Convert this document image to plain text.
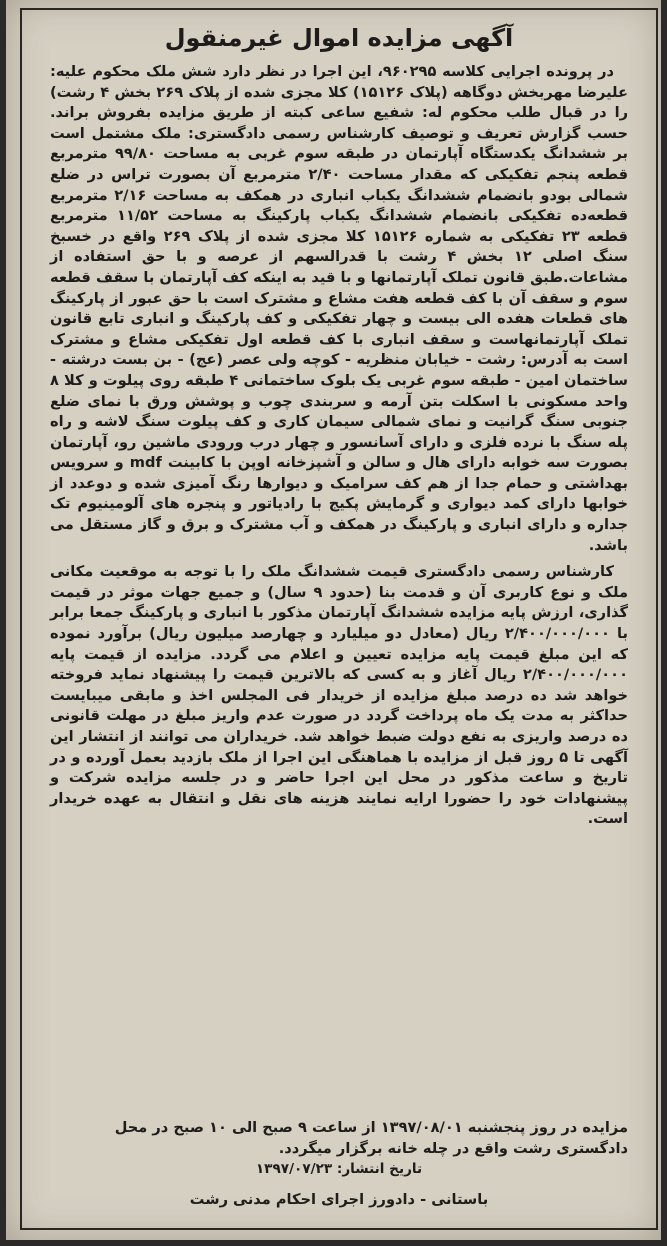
آگهی مزایده اموال غیرمنقول

در پرونده اجرایی کلاسه ۹۶۰۲۹۵، این اجرا در نظر دارد شش ملک محکوم علیه: علیرضا مهربخش دوگاهه (پلاک ۱۵۱۲۶) کلا مجزی شده از پلاک ۲۶۹ بخش ۴ رشت) را در قبال طلب محکوم له: شفیع ساعی کبته از طریق مزایده بفروش براند. حسب گزارش تعریف و توصیف کارشناس رسمی دادگستری: ملک مشتمل است بر ششدانگ یکدستگاه آپارتمان در طبقه سوم غربی به مساحت ۹۹/۸۰ مترمربع قطعه پنجم تفکیکی که مقدار مساحت ۲/۴۰ مترمربع آن بصورت تراس در ضلع شمالی بودو بانضمام ششدانگ یکباب انباری در همکف به مساحت ۲/۱۶ مترمربع قطعه‌ده تفکیکی بانضمام ششدانگ یکباب پارکینگ به مساحت ۱۱/۵۲ مترمربع قطعه ۲۳ تفکیکی به شماره ۱۵۱۲۶ کلا مجزی شده از پلاک ۲۶۹ واقع در خسبخ سنگ اصلی ۱۲ بخش ۴ رشت با قدرالسهم از عرصه و با حق استفاده از مشاعات.طبق قانون تملک آپارتمانها و با قید به اینکه کف آپارتمان با سقف قطعه سوم و سقف آن با کف قطعه هفت مشاع و مشترک است با حق عبور از پارکینگ های قطعات هفده الی بیست و چهار تفکیکی و کف پارکینگ و انباری تابع قانون تملک آپارتمانهاست و سقف انباری با کف قطعه اول تفکیکی مشاع و مشترک است به آدرس: رشت - خیابان منظریه - کوچه ولی عصر (عج) - بن بست درشته - ساختمان امین - طبقه سوم غربی یک بلوک ساختمانی ۴ طبقه روی پیلوت و کلا ۸ واحد مسکونی با اسکلت بتن آرمه و سربندی چوب و پوشش ورق با نمای ضلع جنوبی سنگ گرانیت و نمای شمالی سیمان کاری و کف پیلوت سنگ لاشه و راه پله سنگ با نرده فلزی و دارای آسانسور و چهار درب ورودی ماشین رو، آپارتمان بصورت سه خوابه دارای هال و سالن و آشپزخانه اوپن با کابینت mdf و سرویس بهداشتی و حمام جدا از هم کف سرامیک و دیوارها رنگ آمیزی شده و دوعدد از خوابها دارای کمد دیواری و گرمایش پکیج با رادیاتور و پنجره های آلومینیوم تک جداره و دارای انباری و پارکینگ در همکف و آب مشترک و برق و گاز مستقل می باشد.

کارشناس رسمی دادگستری قیمت ششدانگ ملک را با توجه به موقعیت مکانی ملک و نوع کاربری آن و قدمت بنا (حدود ۹ سال) و جمیع جهات موثر در قیمت گذاری، ارزش پایه مزایده ششدانگ آپارتمان مذکور با انباری و پارکینگ جمعا برابر با ۲/۴۰۰/۰۰۰/۰۰۰ ریال (معادل دو میلیارد و چهارصد میلیون ریال) برآورد نموده که این مبلغ قیمت پایه مزایده تعیین و اعلام می گردد. مزایده از قیمت پایه ۲/۴۰۰/۰۰۰/۰۰۰ ریال آغاز و به کسی که بالاترین قیمت را پیشنهاد نماید فروخته خواهد شد ده درصد مبلغ مزایده از خریدار فی المجلس اخذ و مابقی میبایست حداکثر به مدت یک ماه پرداخت گردد در صورت عدم واریز مبلغ در مهلت قانونی ده درصد واریزی به نفع دولت ضبط خواهد شد. خریداران می توانند از انتشار این آگهی تا ۵ روز قبل از مزایده با هماهنگی این اجرا از ملک بازدید بعمل آورده و در تاریخ و ساعت مذکور در محل این اجرا حاضر و در جلسه مزایده شرکت و پیشنهادات خود را حضورا ارایه نمایند هزینه های نقل و انتقال به عهده خریدار است.

مزایده در روز پنجشنبه ۱۳۹۷/۰۸/۰۱ از ساعت ۹ صبح الی ۱۰ صبح در محل دادگستری رشت واقع در چله خانه برگزار میگردد.
تاریخ انتشار: ۱۳۹۷/۰۷/۲۳
باستانی - دادورز اجرای احکام مدنی رشت
